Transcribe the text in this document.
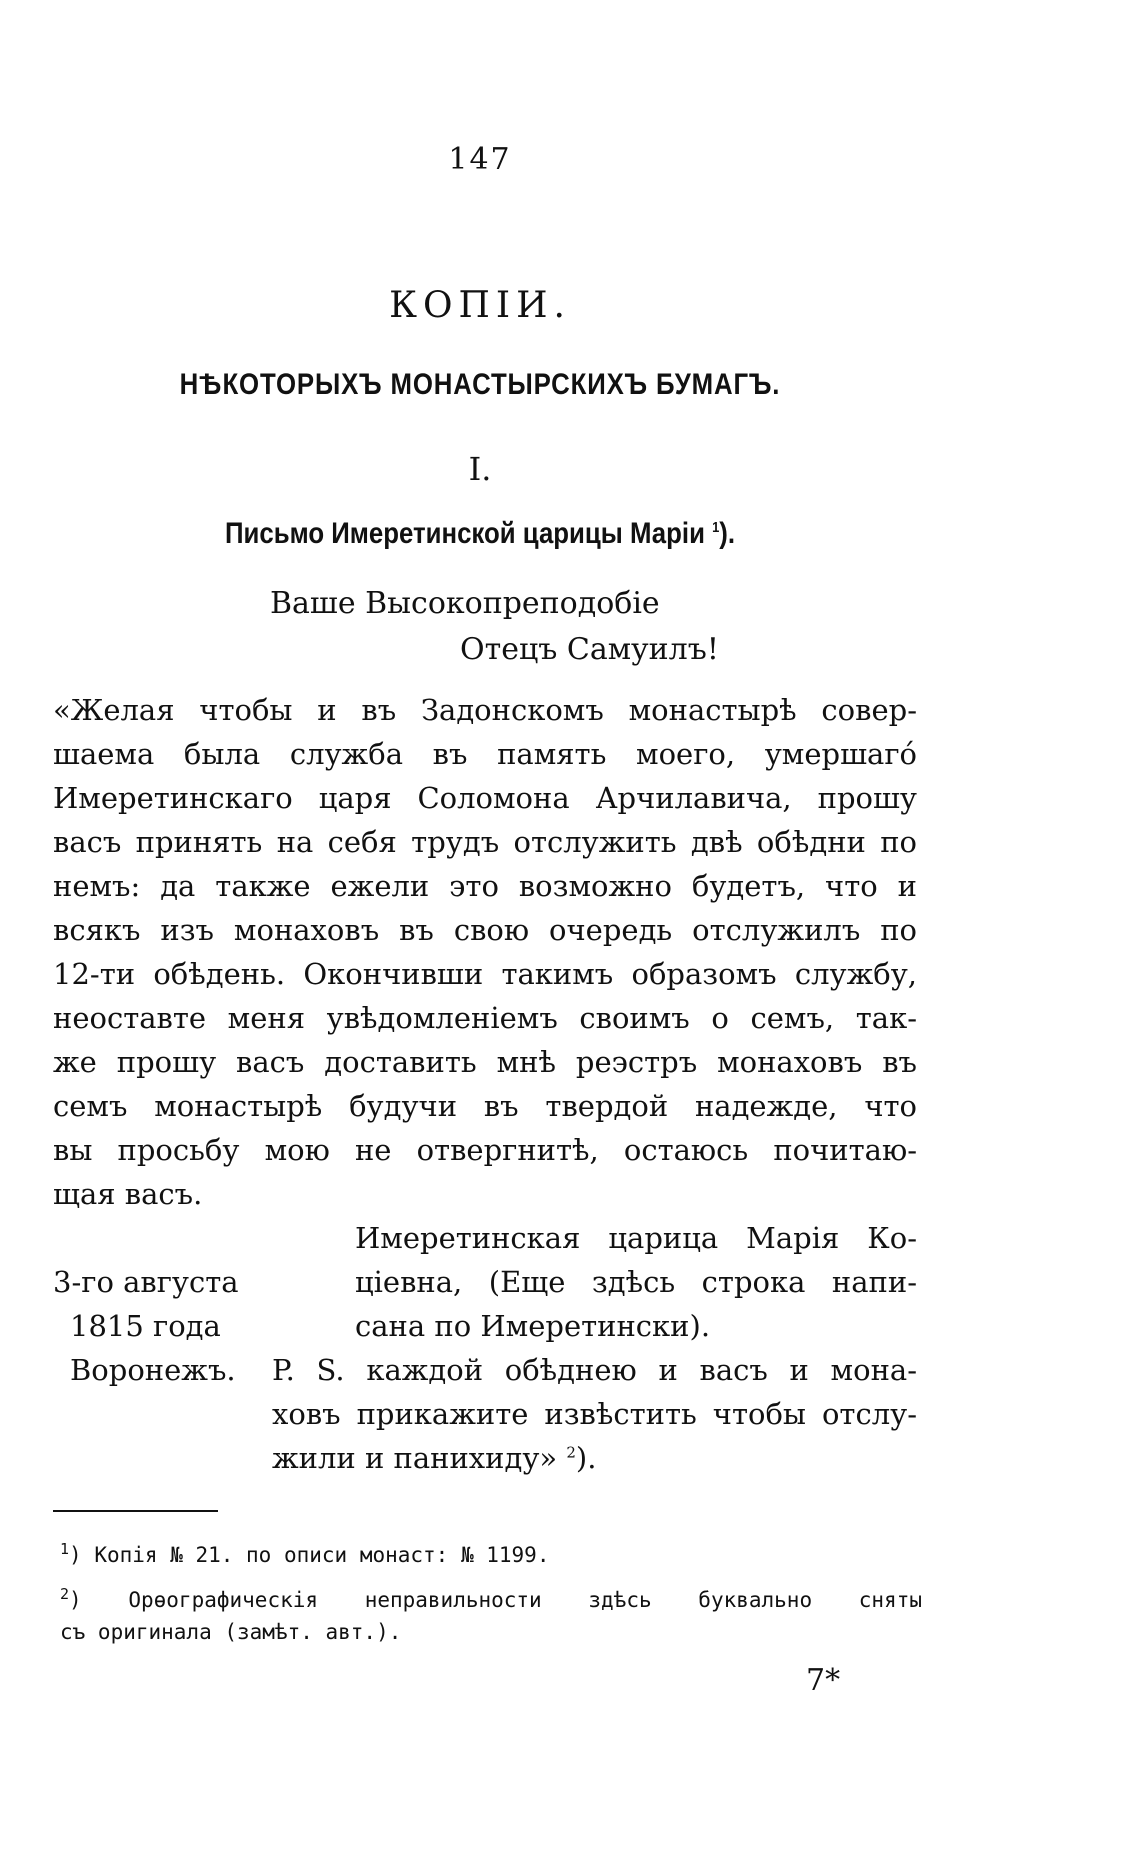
147
КОПІИ.
НѢКОТОРЫХЪ МОНАСТЫРСКИХЪ БУМАГЪ.
I.
Письмо Имеретинской царицы Маріи $^1$).
Ваше Высокопреподобіе
Отецъ Самуилъ!
«Желая чтобы и въ Задонскомъ монастырѣ совер-
шаема была служба въ память моего, умершагó
Имеретинскаго царя Соломона Арчилавича, прошу
васъ принять на себя трудъ отслужить двѣ обѣдни по
немъ: да также ежели это возможно будетъ, что и
всякъ изъ монаховъ въ свою очередь отслужилъ по
12-ти обѣдень. Окончивши такимъ образомъ службу,
неоставте меня увѣдомленіемъ своимъ о семъ, так-
же прошу васъ доставить мнѣ реэстръ монаховъ въ
семъ монастырѣ будучи въ твердой надежде, что
вы просьбу мою не отвергнитѣ, остаюсь почитаю-
щая васъ.
Имеретинская царица Марія Ко-
ціевна, (Еще здѣсь строка напи-
сана по Имеретински).
3-го августа
1815 года
Воронежъ. P. S. каждой обѣднею и васъ и мона-
ховъ прикажите извѣстить чтобы отслу-
жили и панихиду» $^2$).
$^1$) Копія № 21. по описи монаст: № 1199.
$^2$) Орѳографическія неправильности здѣсь буквально сняты
съ оригинала (замѣт. авт.).
7*
